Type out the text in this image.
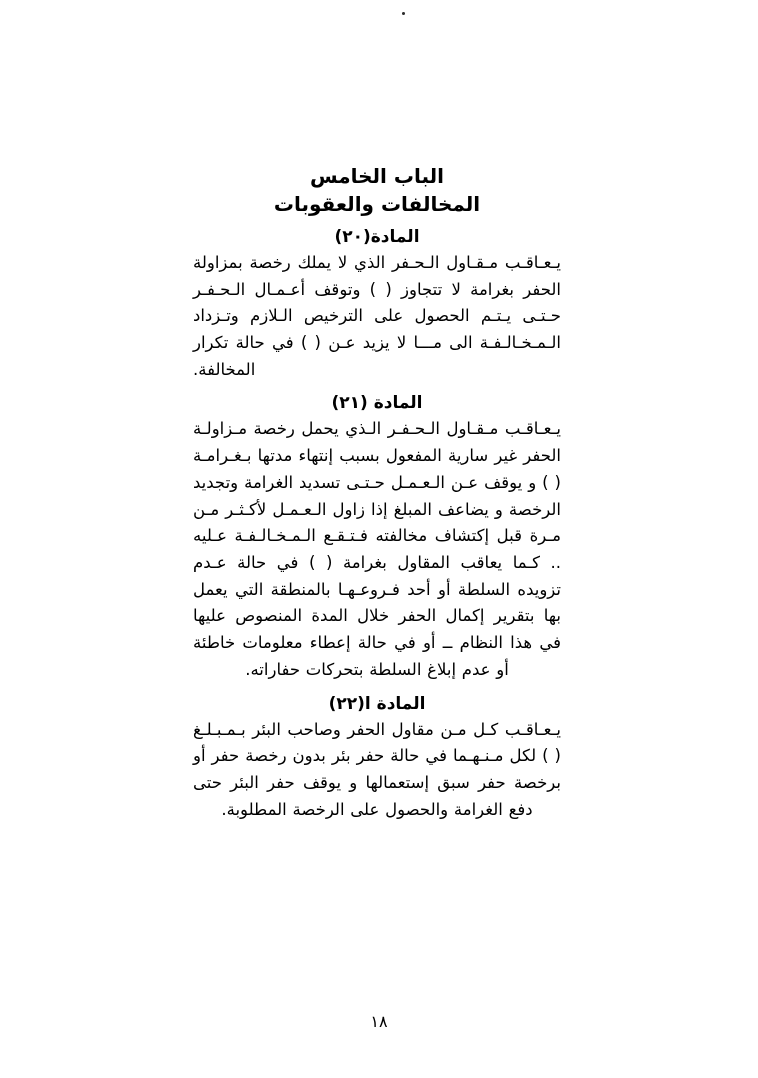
الباب الخامس
المخالفات والعقوبات
المادة(٢٠)
يـعـاقـب مـقـاول الـحـفر الذي لا يملك رخصة بمزاولة الحفر بغرامة لا تتجاوز ( ) وتوقف أعـمـال الـحـفـر حـتـى يـتـم الحصول على الترخيص الـلازم وتـزداد الـمـخـالـفـة الى مـــا لا يزيد عـن ( ) في حالة تكرار المخالفة.
المادة (٢١)
يـعـاقـب مـقـاول الـحـفـر الـذي يحمل رخصة مـزاولـة الحفر غير سارية المفعول بسبب إنتهاء مدتها بـغـرامـة ( ) و يوقف عـن الـعـمـل حـتـى تسديد الغرامة وتجديد الرخصة و يضاعف المبلغ إذا زاول الـعـمـل لأكـثـر مـن مـرة قبل إكتشاف مخالفته فـتـقـع الـمـخـالـفـة عـليه .. كـما يعاقب المقاول بغرامة ( ) في حالة عـدم تزويده السلطة أو أحد فـروعـهـا بالمنطقة التي يعمل بها بتقرير إكمال الحفر خلال المدة المنصوص عليها في هذا النظام ــ أو في حالة إعطاء معلومات خاطئة أو عدم إبلاغ السلطة بتحركات حفاراته.
المادة ا(٢٢)
يـعـاقـب كـل مـن مقاول الحفر وصاحب البئر بـمـبـلـغ ( ) لكل مـنـهـما في حالة حفر بئر بدون رخصة حفر أو برخصة حفر سبق إستعمالها و يوقف حفر البئر حتى دفع الغرامة والحصول على الرخصة المطلوبة.
١٨
